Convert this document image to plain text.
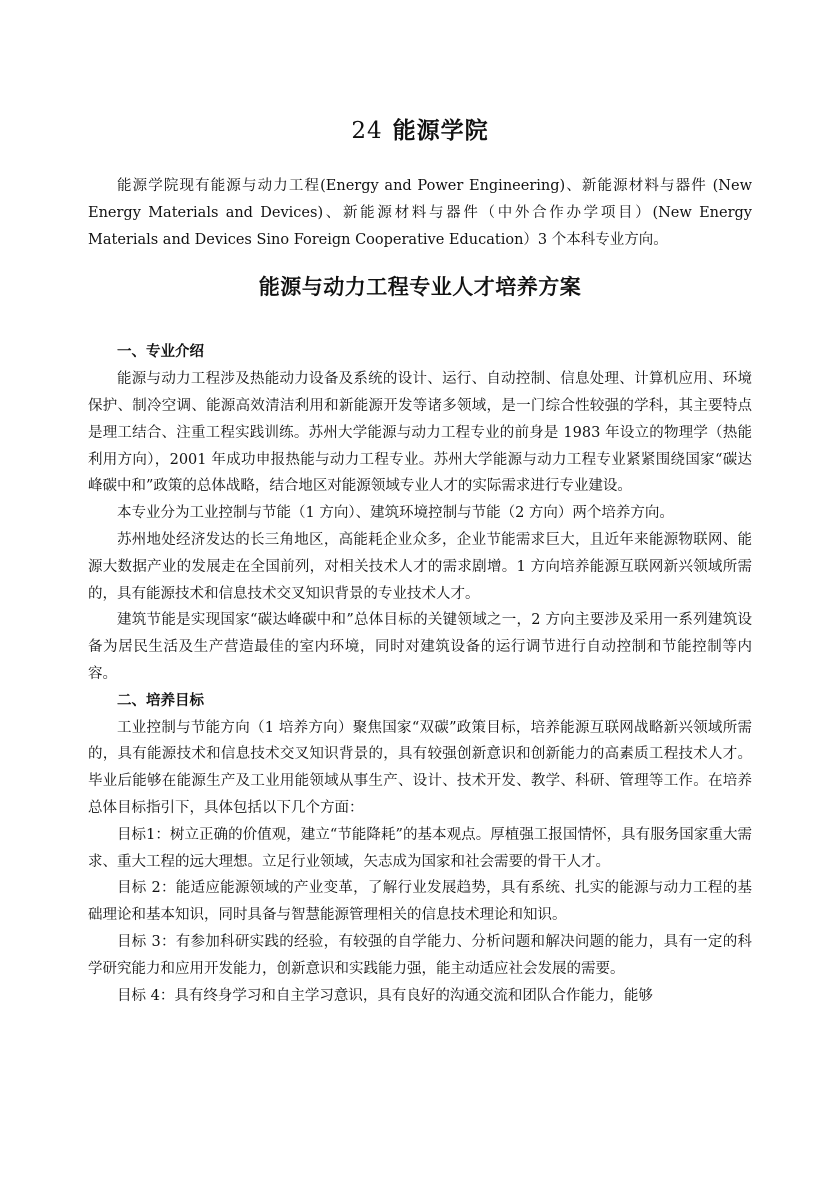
24 能源学院

能源学院现有能源与动力工程(Energy and Power Engineering)、新能源材料与器件 (New Energy Materials and Devices)、新能源材料与器件（中外合作办学项目）(New Energy Materials and Devices Sino Foreign Cooperative Education）3 个本科专业方向。

能源与动力工程专业人才培养方案
一、专业介绍

能源与动力工程涉及热能动力设备及系统的设计、运行、自动控制、信息处理、计算机应用、环境保护、制冷空调、能源高效清洁利用和新能源开发等诸多领域，是一门综合性较强的学科，其主要特点是理工结合、注重工程实践训练。苏州大学能源与动力工程专业的前身是 1983 年设立的物理学（热能利用方向），2001 年成功申报热能与动力工程专业。苏州大学能源与动力工程专业紧紧围绕国家“碳达峰碳中和”政策的总体战略，结合地区对能源领域专业人才的实际需求进行专业建设。

本专业分为工业控制与节能（1 方向）、建筑环境控制与节能（2 方向）两个培养方向。

苏州地处经济发达的长三角地区，高能耗企业众多，企业节能需求巨大，且近年来能源物联网、能源大数据产业的发展走在全国前列，对相关技术人才的需求剧增。1 方向培养能源互联网新兴领域所需的，具有能源技术和信息技术交叉知识背景的专业技术人才。

建筑节能是实现国家“碳达峰碳中和”总体目标的关键领域之一，2 方向主要涉及采用一系列建筑设备为居民生活及生产营造最佳的室内环境，同时对建筑设备的运行调节进行自动控制和节能控制等内容。

二、培养目标

工业控制与节能方向（1 培养方向）聚焦国家“双碳”政策目标，培养能源互联网战略新兴领域所需的，具有能源技术和信息技术交叉知识背景的，具有较强创新意识和创新能力的高素质工程技术人才。毕业后能够在能源生产及工业用能领域从事生产、设计、技术开发、教学、科研、管理等工作。在培养总体目标指引下，具体包括以下几个方面：

目标1：树立正确的价值观，建立“节能降耗”的基本观点。厚植强工报国情怀，具有服务国家重大需求、重大工程的远大理想。立足行业领域，矢志成为国家和社会需要的骨干人才。

目标 2：能适应能源领域的产业变革，了解行业发展趋势，具有系统、扎实的能源与动力工程的基础理论和基本知识，同时具备与智慧能源管理相关的信息技术理论和知识。

目标 3：有参加科研实践的经验，有较强的自学能力、分析问题和解决问题的能力，具有一定的科学研究能力和应用开发能力，创新意识和实践能力强，能主动适应社会发展的需要。

目标 4：具有终身学习和自主学习意识，具有良好的沟通交流和团队合作能力，能够
